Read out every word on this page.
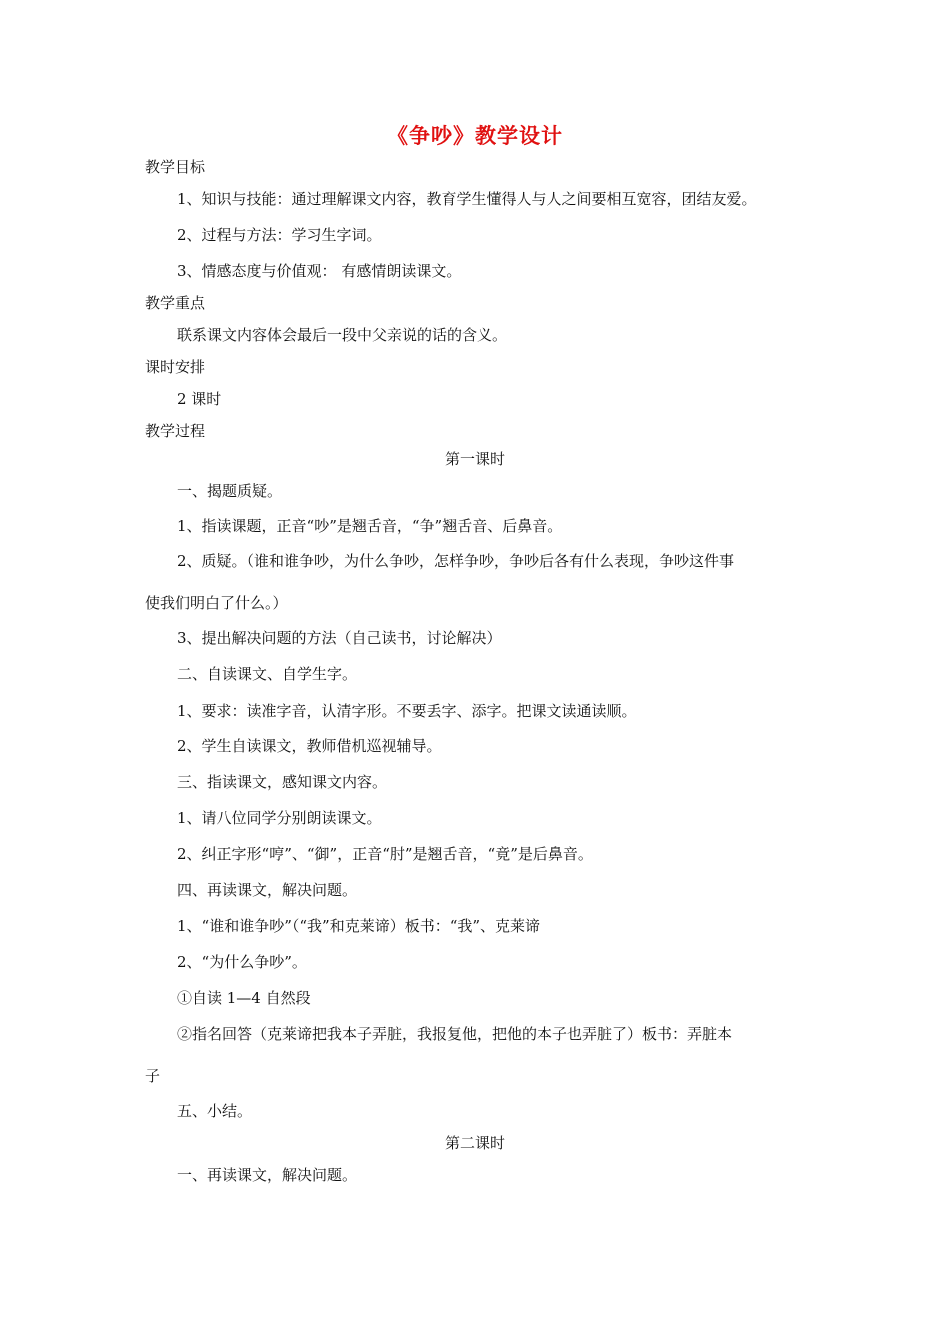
《争吵》教学设计
教学目标
1、知识与技能：通过理解课文内容，教育学生懂得人与人之间要相互宽容，团结友爱。
2、过程与方法：学习生字词。
3、情感态度与价值观： 有感情朗读课文。
教学重点
联系课文内容体会最后一段中父亲说的话的含义。
课时安排
2 课时
教学过程
第一课时
一、揭题质疑。
1、指读课题，正音“吵”是翘舌音，“争”翘舌音、后鼻音。
2、质疑。（谁和谁争吵，为什么争吵，怎样争吵，争吵后各有什么表现，争吵这件事
使我们明白了什么。）
3、提出解决问题的方法（自己读书，讨论解决）
二、自读课文、自学生字。
1、要求：读准字音，认清字形。不要丢字、添字。把课文读通读顺。
2、学生自读课文，教师借机巡视辅导。
三、指读课文，感知课文内容。
1、请八位同学分别朗读课文。
2、纠正字形“哼”、“御”，正音“肘”是翘舌音，“竟”是后鼻音。
四、再读课文，解决问题。
1、“谁和谁争吵”（“我”和克莱谛）板书：“我”、克莱谛
2、“为什么争吵”。
①自读 1—4 自然段
②指名回答（克莱谛把我本子弄脏，我报复他，把他的本子也弄脏了）板书：弄脏本
子
五、小结。
第二课时
一、再读课文，解决问题。
